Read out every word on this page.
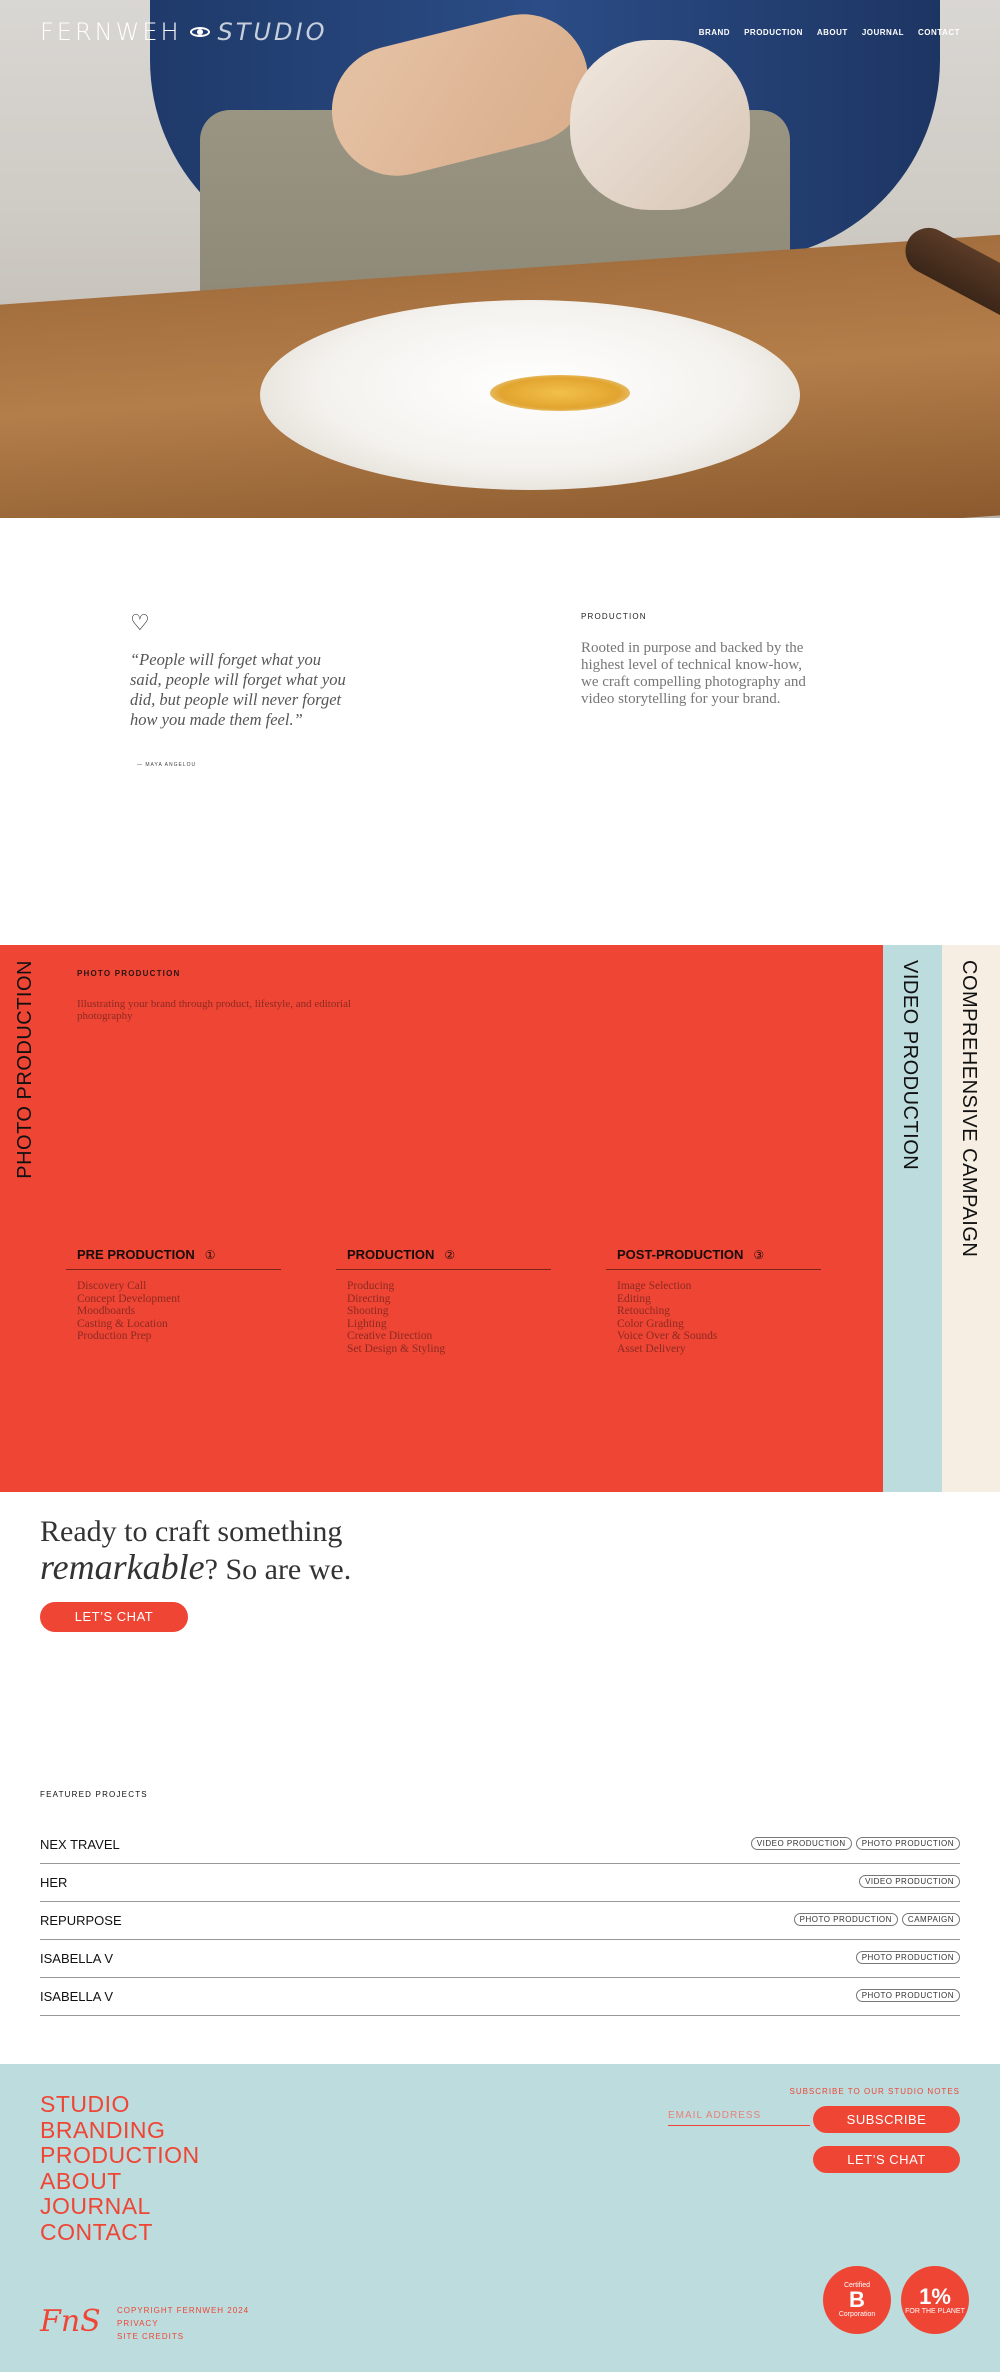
FERNWEH STUDIO	BRAND PRODUCTION ABOUT JOURNAL CONTACT
♡

“People will forget what you said, people will forget what you did, but people will never forget how you made them feel.”

— MAYA ANGELOU
PRODUCTION

Rooted in purpose and backed by the highest level of technical know-how, we craft compelling photography and video storytelling for your brand.

PHOTO PRODUCTION	PHOTO PRODUCTION

Illustrating your brand through product, lifestyle, and editorial photography

PRE PRODUCTION ①
Discovery Call
Concept Development
Moodboards
Casting & Location
Production Prep
PRODUCTION ②
Producing
Directing
Shooting
Lighting
Creative Direction
Set Design & Styling
POST-PRODUCTION ③
Image Selection
Editing
Retouching
Color Grading
Voice Over & Sounds
Asset Delivery
VIDEO PRODUCTION COMPREHENSIVE CAMPAIGN
Ready to craft something
remarkable? So are we.
LET’S CHAT
FEATURED PROJECTS
NEX TRAVEL	VIDEO PRODUCTION	PHOTO PRODUCTION
HER	VIDEO PRODUCTION
REPURPOSE	PHOTO PRODUCTION	CAMPAIGN
ISABELLA V	PHOTO PRODUCTION
ISABELLA V	PHOTO PRODUCTION
STUDIO
BRANDING
PRODUCTION
ABOUT
JOURNAL
CONTACT
SUBSCRIBE TO OUR STUDIO NOTES
EMAIL ADDRESS
SUBSCRIBE
LET’S CHAT
FnS COPYRIGHT FERNWEH 2024
PRIVACY
SITE CREDITS
Certified
B
Corporation
1%
FOR THE PLANET
